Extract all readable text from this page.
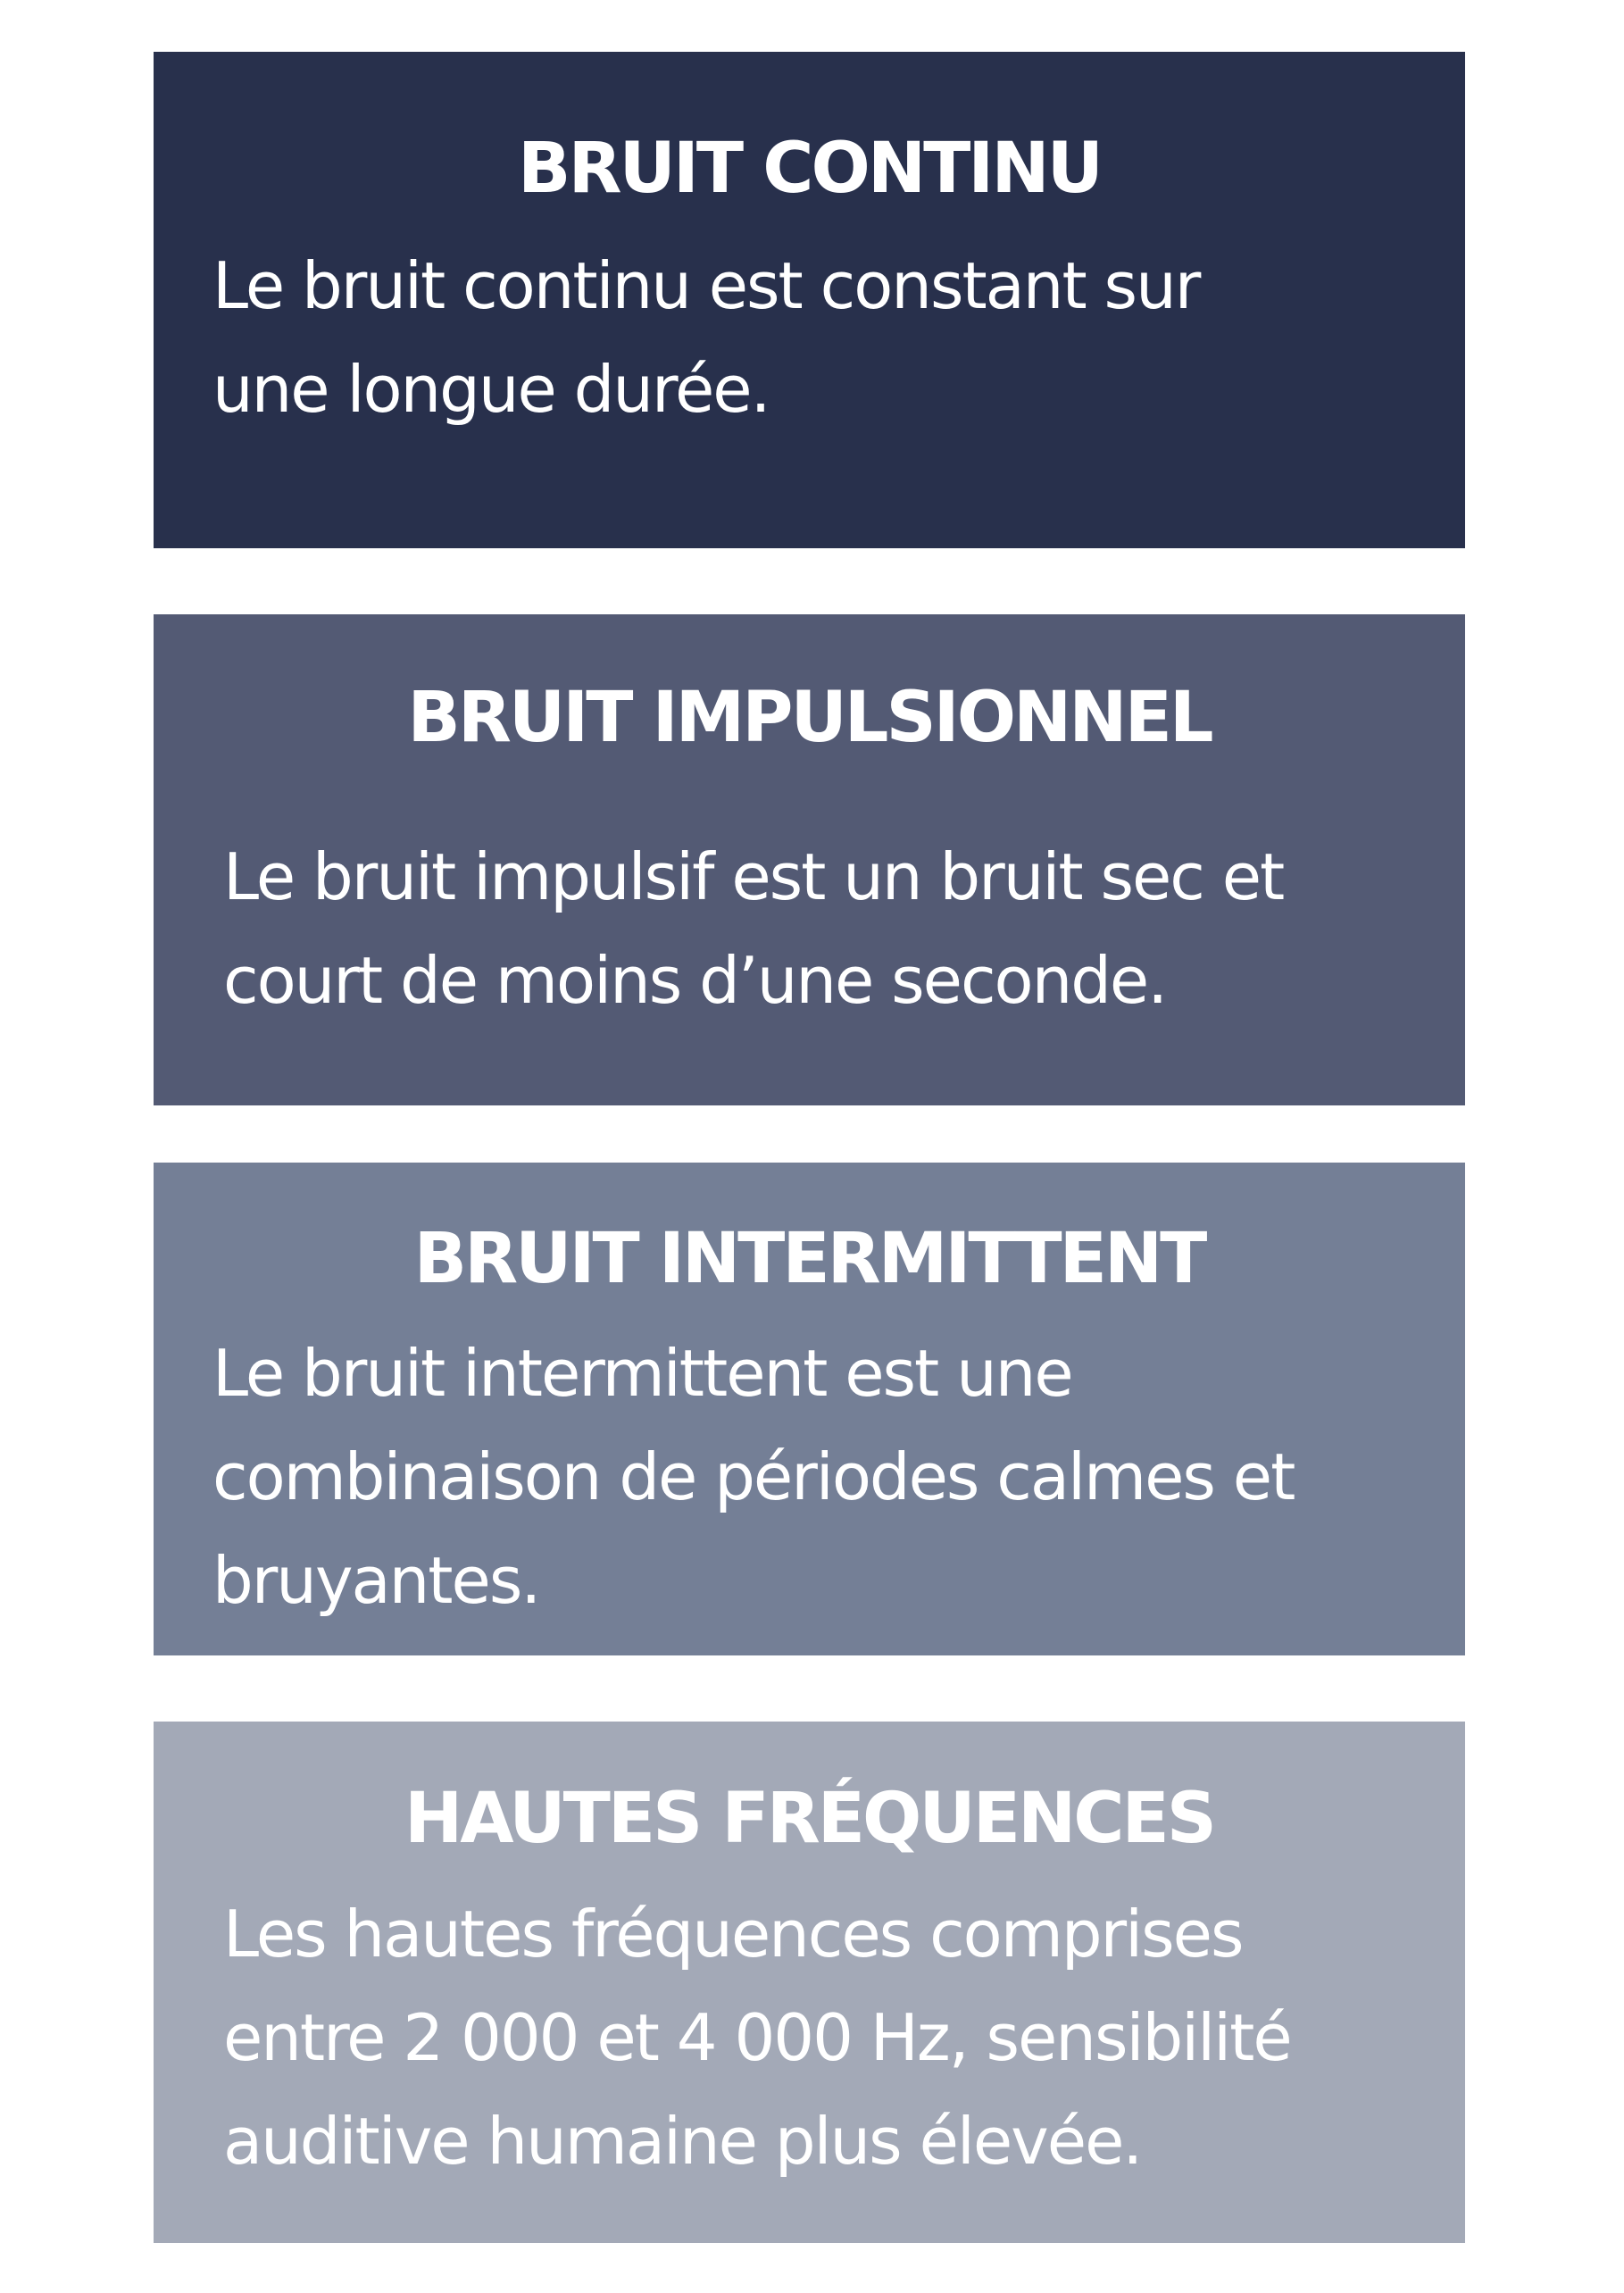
BRUIT CONTINU
Le bruit continu est constant sur
une longue durée.
BRUIT IMPULSIONNEL
Le bruit impulsif est un bruit sec et
court de moins d’une seconde.
BRUIT INTERMITTENT
Le bruit intermittent est une
combinaison de périodes calmes et
bruyantes.
HAUTES FRÉQUENCES
Les hautes fréquences comprises
entre 2 000 et 4 000 Hz, sensibilité
auditive humaine plus élevée.
